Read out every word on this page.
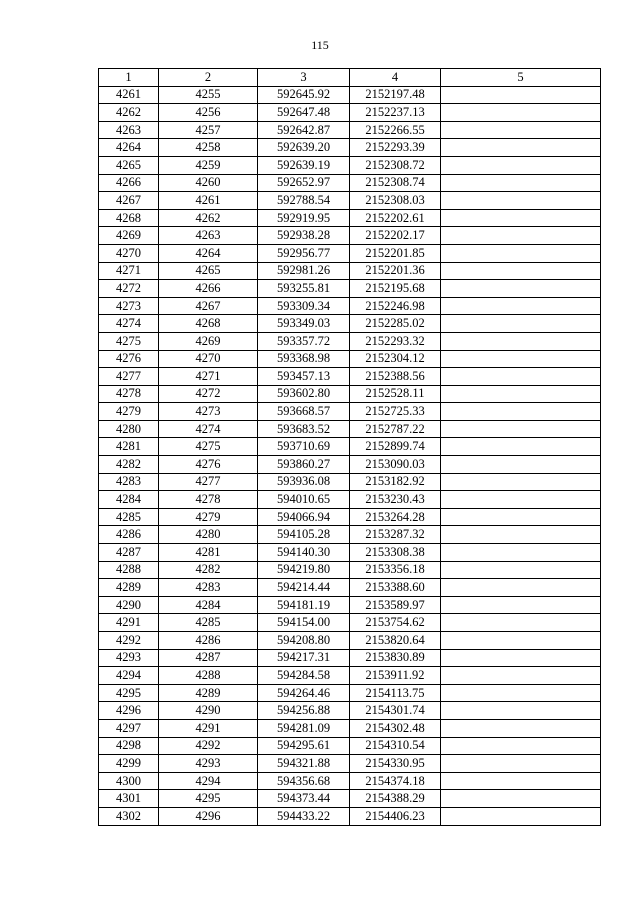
115
1	2	3	4	5
4261	4255	592645.92	2152197.48	
4262	4256	592647.48	2152237.13	
4263	4257	592642.87	2152266.55	
4264	4258	592639.20	2152293.39	
4265	4259	592639.19	2152308.72	
4266	4260	592652.97	2152308.74	
4267	4261	592788.54	2152308.03	
4268	4262	592919.95	2152202.61	
4269	4263	592938.28	2152202.17	
4270	4264	592956.77	2152201.85	
4271	4265	592981.26	2152201.36	
4272	4266	593255.81	2152195.68	
4273	4267	593309.34	2152246.98	
4274	4268	593349.03	2152285.02	
4275	4269	593357.72	2152293.32	
4276	4270	593368.98	2152304.12	
4277	4271	593457.13	2152388.56	
4278	4272	593602.80	2152528.11	
4279	4273	593668.57	2152725.33	
4280	4274	593683.52	2152787.22	
4281	4275	593710.69	2152899.74	
4282	4276	593860.27	2153090.03	
4283	4277	593936.08	2153182.92	
4284	4278	594010.65	2153230.43	
4285	4279	594066.94	2153264.28	
4286	4280	594105.28	2153287.32	
4287	4281	594140.30	2153308.38	
4288	4282	594219.80	2153356.18	
4289	4283	594214.44	2153388.60	
4290	4284	594181.19	2153589.97	
4291	4285	594154.00	2153754.62	
4292	4286	594208.80	2153820.64	
4293	4287	594217.31	2153830.89	
4294	4288	594284.58	2153911.92	
4295	4289	594264.46	2154113.75	
4296	4290	594256.88	2154301.74	
4297	4291	594281.09	2154302.48	
4298	4292	594295.61	2154310.54	
4299	4293	594321.88	2154330.95	
4300	4294	594356.68	2154374.18	
4301	4295	594373.44	2154388.29	
4302	4296	594433.22	2154406.23	
